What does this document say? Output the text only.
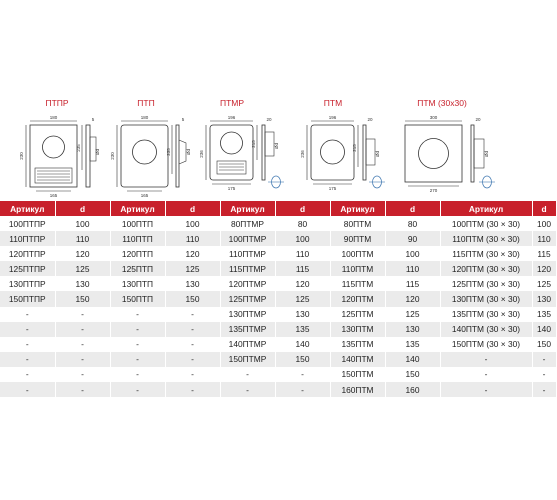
ПТПР	ПТП	ПТМР	ПТМ	ПТМ (30x30)
180
230
165
235
5
Ød
180
230
165
235
5
Ød
196
236
175
215
20
Ød
196
236
175
215
20
Ød
300
270
20
Ød
Артикул	d	Артикул	d	Артикул	d	Артикул	d	Артикул	d
100ПТПР	100	100ПТП	100	80ПТМР	80	80ПТМ	80	100ПТМ (30 × 30)	100
110ПТПР	110	110ПТП	110	100ПТМР	100	90ПТМ	90	110ПТМ (30 × 30)	110
120ПТПР	120	120ПТП	120	110ПТМР	110	100ПТМ	100	115ПТМ (30 × 30)	115
125ПТПР	125	125ПТП	125	115ПТМР	115	110ПТМ	110	120ПТМ (30 × 30)	120
130ПТПР	130	130ПТП	130	120ПТМР	120	115ПТМ	115	125ПТМ (30 × 30)	125
150ПТПР	150	150ПТП	150	125ПТМР	125	120ПТМ	120	130ПТМ (30 × 30)	130
-	-	-	-	130ПТМР	130	125ПТМ	125	135ПТМ (30 × 30)	135
-	-	-	-	135ПТМР	135	130ПТМ	130	140ПТМ (30 × 30)	140
-	-	-	-	140ПТМР	140	135ПТМ	135	150ПТМ (30 × 30)	150
-	-	-	-	150ПТМР	150	140ПТМ	140	-	-
-	-	-	-	-	-	150ПТМ	150	-	-
-	-	-	-	-	-	160ПТМ	160	-	-
